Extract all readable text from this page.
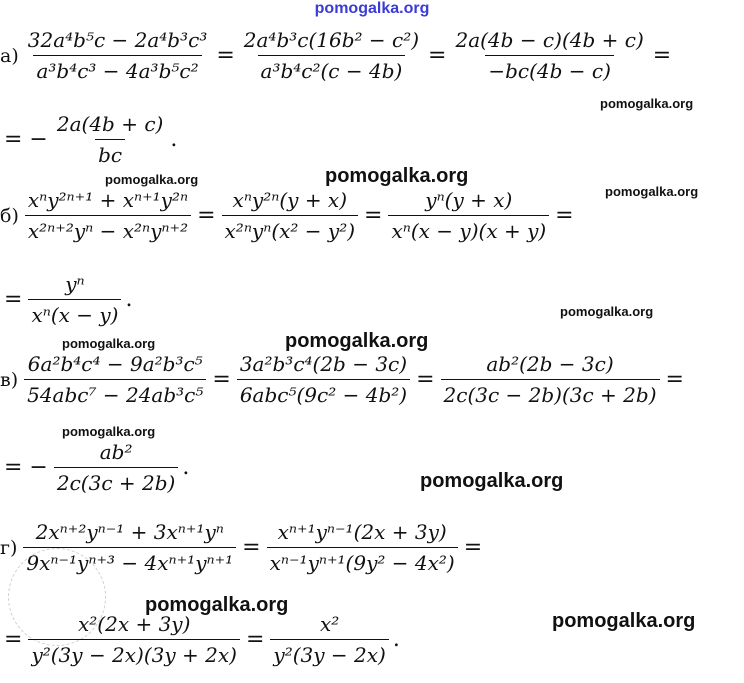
pomogalka.org
pomogalka.org
pomogalka.org
pomogalka.org
pomogalka.org
pomogalka.org
pomogalka.org
pomogalka.org
pomogalka.org
pomogalka.org
pomogalka.org
pomogalka.org
$а) \frac{\text{32a⁴b⁵c − 2a⁴b³c³}}{\text{a³b⁴c³ − 4a³b⁵c²}} = \frac{\text{2a⁴b³c(16b² − c²)}}{\text{a³b⁴c²(c − 4b)}} = \frac{2a(4b - c)(4b + c)}{-bc(4b - c)}$ =
= − $\frac{2a(4b + c)}{bc}$ .
$б) \frac{\text{xⁿy²ⁿ⁺¹ + xⁿ⁺¹y²ⁿ}}{\text{x²ⁿ⁺²yⁿ − x²ⁿyⁿ⁺²}} = \frac{\text{xⁿy²ⁿ(y + x)}}{\text{x²ⁿyⁿ(x² − y²)}} = \frac{\text{yⁿ(y + x)}}{\text{xⁿ(x − y)(x + y)}}$ =
= $\frac{\text{yⁿ}}{\text{xⁿ(x − y)}}$ .
$в) \frac{\text{6a²b⁴c⁴ − 9a²b³c⁵}}{\text{54abc⁷ − 24ab³c⁵}} = \frac{\text{3a²b³c⁴(2b − 3c)}}{\text{6abc⁵(9c² − 4b²)}} = \frac{\text{ab²(2b − 3c)}}{2c(3c - 2b)(3c + 2b)}$ =
= − $\frac{\text{ab²}}{2c(3c + 2b)}$ .
$г) \frac{\text{2xⁿ⁺²yⁿ⁻¹ + 3xⁿ⁺¹yⁿ}}{\text{9xⁿ⁻¹yⁿ⁺³ − 4xⁿ⁺¹yⁿ⁺¹}} = \frac{\text{xⁿ⁺¹yⁿ⁻¹(2x + 3y)}}{\text{xⁿ⁻¹yⁿ⁺¹(9y² − 4x²)}}$ =
= $\frac{\text{x²(2x + 3y)}}{\text{y²(3y − 2x)(3y + 2x)}} = \frac{\text{x²}}{\text{y²(3y − 2x)}}$ .
